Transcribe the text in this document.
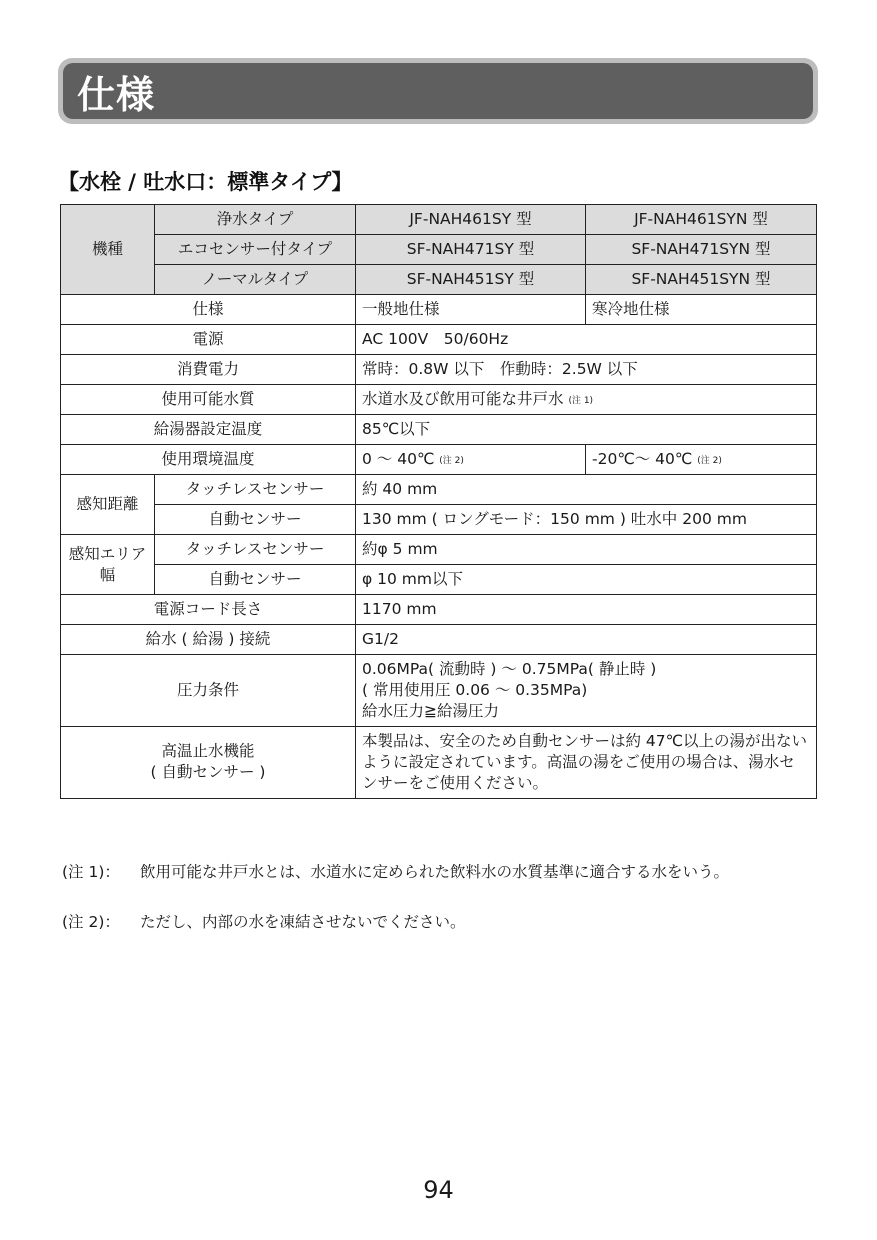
仕様
【水栓 / 吐水口：標準タイプ】
機種	浄水タイプ	JF-NAH461SY 型	JF-NAH461SYN 型
	エコセンサー付タイプ	SF-NAH471SY 型	SF-NAH471SYN 型
	ノーマルタイプ	SF-NAH451SY 型	SF-NAH451SYN 型
仕様		一般地仕様	寒冷地仕様
電源		AC 100V　50/60Hz	
消費電力		常時：0.8W 以下　作動時：2.5W 以下	
使用可能水質		水道水及び飲用可能な井戸水 (注 1)	
給湯器設定温度		85℃以下	
使用環境温度		0 ～ 40℃ (注 2)	-20℃～ 40℃ (注 2)
感知距離	タッチレスセンサー	約 40 mm	
	自動センサー	130 mm ( ロングモード：150 mm ) 吐水中 200 mm	
感知エリア幅	タッチレスセンサー	約φ 5 mm	
	自動センサー	φ 10 mm以下	
電源コード長さ		1170 mm	
給水 ( 給湯 ) 接続		G1/2	
圧力条件		0.06MPa( 流動時 ) ～ 0.75MPa( 静止時 )
( 常用使用圧 0.06 ～ 0.35MPa)
給水圧力≧給湯圧力	

高温止水機能
( 自動センサー )		本製品は、安全のため自動センサーは約 47℃以上の湯が出ないように設定されています。高温の湯をご使用の場合は、湯水センサーをご使用ください。	
(注 1)： 飲用可能な井戸水とは、水道水に定められた飲料水の水質基準に適合する水をいう。
(注 2)： ただし、内部の水を凍結させないでください。
94
